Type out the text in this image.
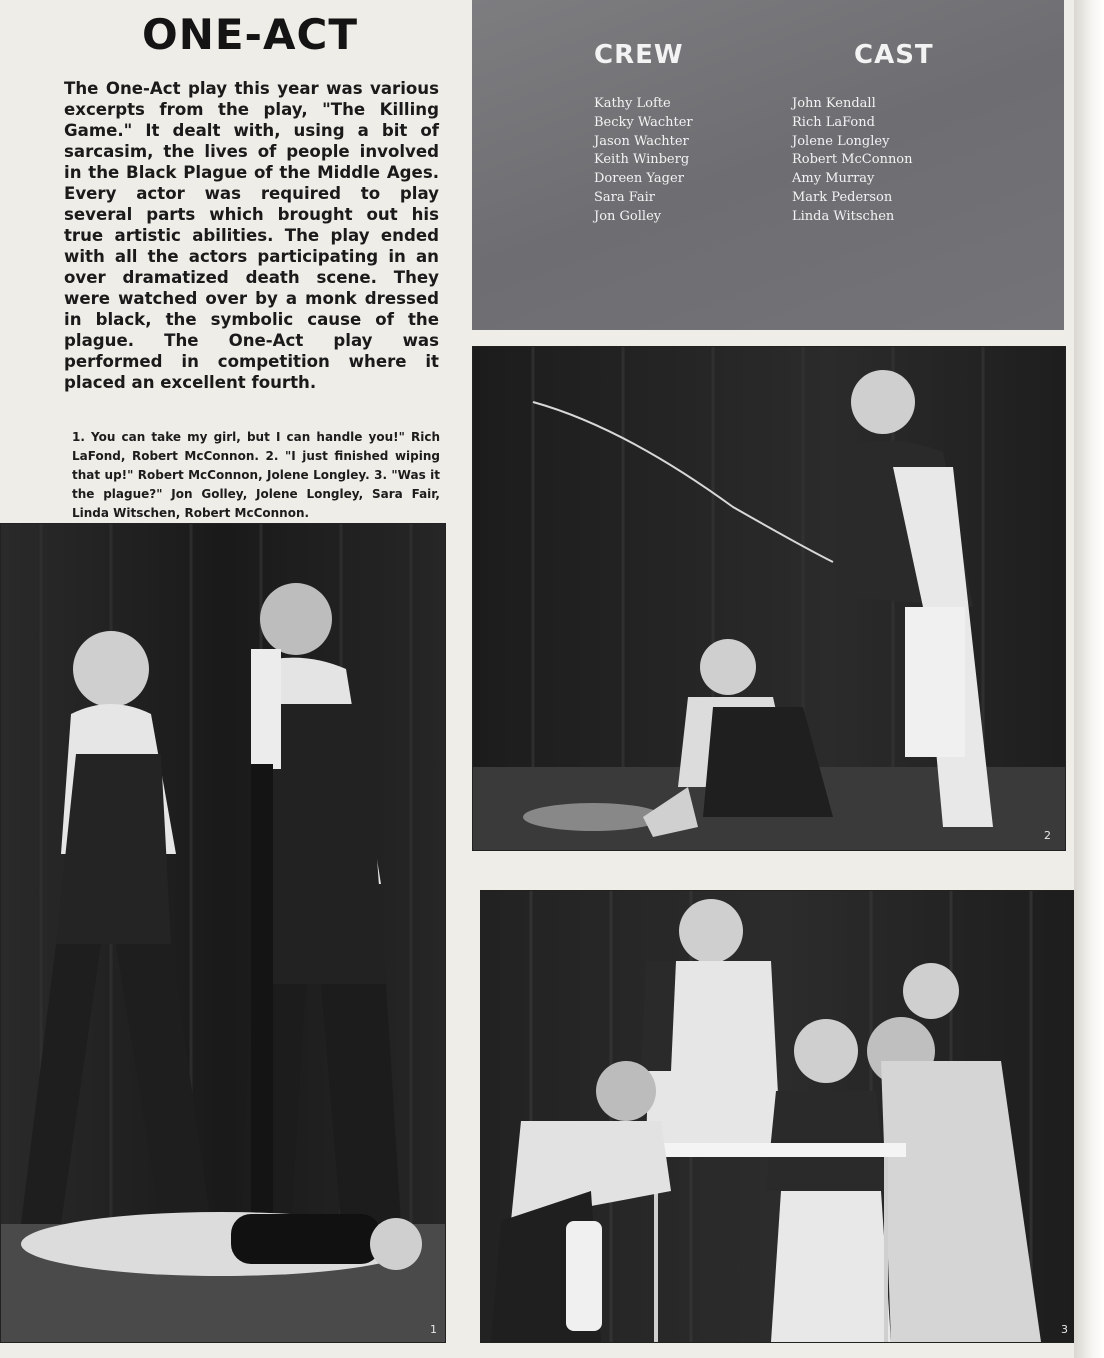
ONE-ACT

The One-Act play this year was various excerpts from the play, "The Killing Game." It dealt with, using a bit of sarcasim, the lives of people involved in the Black Plague of the Middle Ages. Every actor was required to play several parts which brought out his true artistic abilities. The play ended with all the actors participating in an over dramatized death scene. They were watched over by a monk dressed in black, the symbolic cause of the plague. The One-Act play was performed in competition where it placed an excellent fourth.

1. You can take my girl, but I can handle you!" Rich LaFond, Robert McConnon. 2. "I just finished wiping that up!" Robert McConnon, Jolene Longley. 3. "Was it the plague?" Jon Golley, Jolene Longley, Sara Fair, Linda Witschen, Robert McConnon.

CREW	CAST
Kathy Lofte
Becky Wachter
Jason Wachter
Keith Winberg
Doreen Yager
Sara Fair
Jon Golley
John Kendall
Rich LaFond
Jolene Longley
Robert McConnon
Amy Murray
Mark Pederson
Linda Witschen
1
2
3
